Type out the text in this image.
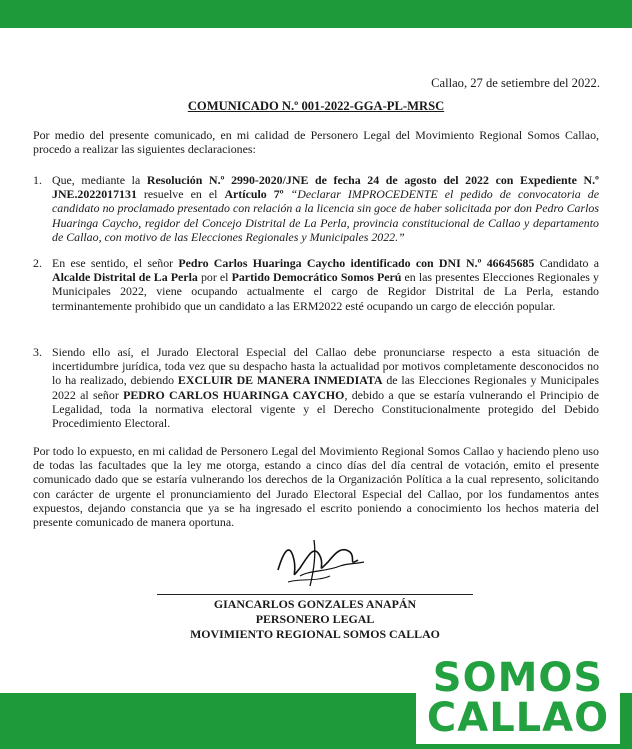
Callao, 27 de setiembre del 2022.
COMUNICADO N.º 001-2022-GGA-PL-MRSC

Por medio del presente comunicado, en mi calidad de Personero Legal del Movimiento Regional Somos Callao, procedo a realizar las siguientes declaraciones:

1. Que, mediante la Resolución N.º 2990-2020/JNE de fecha 24 de agosto del 2022 con Expediente N.º JNE.2022017131 resuelve en el Artículo 7º “Declarar IMPROCEDENTE el pedido de convocatoria de candidato no proclamado presentado con relación a la licencia sin goce de haber solicitada por don Pedro Carlos Huaringa Caycho, regidor del Concejo Distrital de La Perla, provincia constitucional de Callao y departamento de Callao, con motivo de las Elecciones Regionales y Municipales 2022.”

2. En ese sentido, el señor Pedro Carlos Huaringa Caycho identificado con DNI N.º 46645685 Candidato a Alcalde Distrital de La Perla por el Partido Democrático Somos Perú en las presentes Elecciones Regionales y Municipales 2022, viene ocupando actualmente el cargo de Regidor Distrital de La Perla, estando terminantemente prohibido que un candidato a las ERM2022 esté ocupando un cargo de elección popular.

3. Siendo ello así, el Jurado Electoral Especial del Callao debe pronunciarse respecto a esta situación de incertidumbre jurídica, toda vez que su despacho hasta la actualidad por motivos completamente desconocidos no lo ha realizado, debiendo EXCLUIR DE MANERA INMEDIATA de las Elecciones Regionales y Municipales 2022 al señor PEDRO CARLOS HUARINGA CAYCHO, debido a que se estaría vulnerando el Principio de Legalidad, toda la normativa electoral vigente y el Derecho Constitucionalmente protegido del Debido Procedimiento Electoral.

Por todo lo expuesto, en mi calidad de Personero Legal del Movimiento Regional Somos Callao y haciendo pleno uso de todas las facultades que la ley me otorga, estando a cinco días del día central de votación, emito el presente comunicado dado que se estaría vulnerando los derechos de la Organización Política a la cual represento, solicitando con carácter de urgente el pronunciamiento del Jurado Electoral Especial del Callao, por los fundamentos antes expuestos, dejando constancia que ya se ha ingresado el escrito poniendo a conocimiento los hechos materia del presente comunicado de manera oportuna.

GIANCARLOS GONZALES ANAPÁN
PERSONERO LEGAL
MOVIMIENTO REGIONAL SOMOS CALLAO
SOMOS
CALLAO
